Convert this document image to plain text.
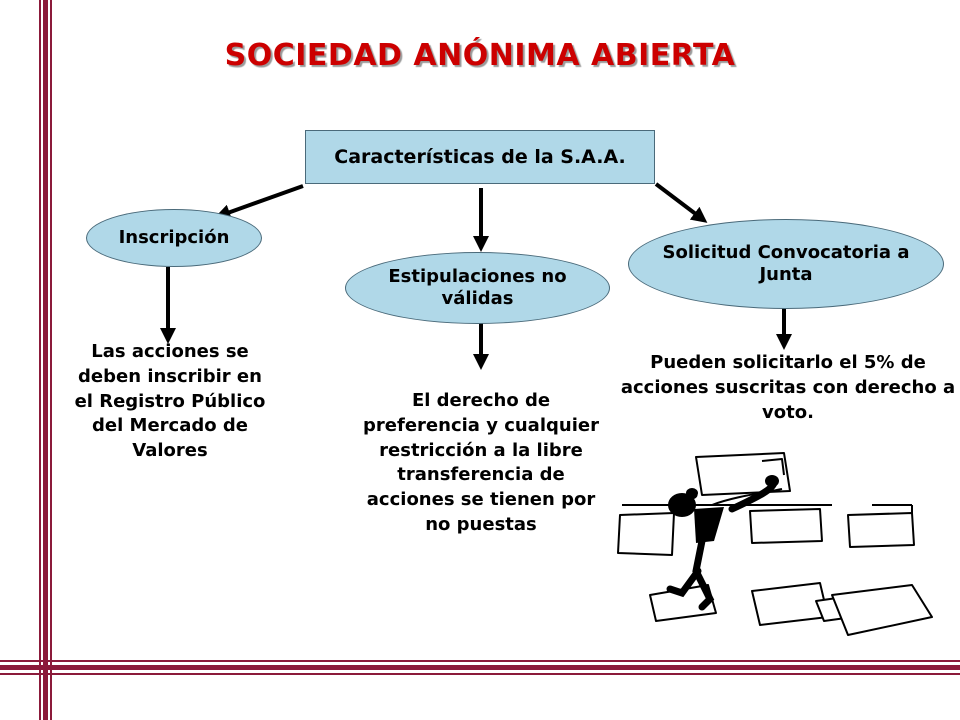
SOCIEDAD ANÓNIMA ABIERTA
Características de la S.A.A.
Inscripción
Estipulaciones no válidas
Solicitud Convocatoria a Junta
Las acciones se deben inscribir en el Registro Público del Mercado de Valores
El derecho de preferencia y cualquier restricción a la libre transferencia de acciones se tienen por no puestas
Pueden solicitarlo el 5% de acciones suscritas con derecho a voto.
